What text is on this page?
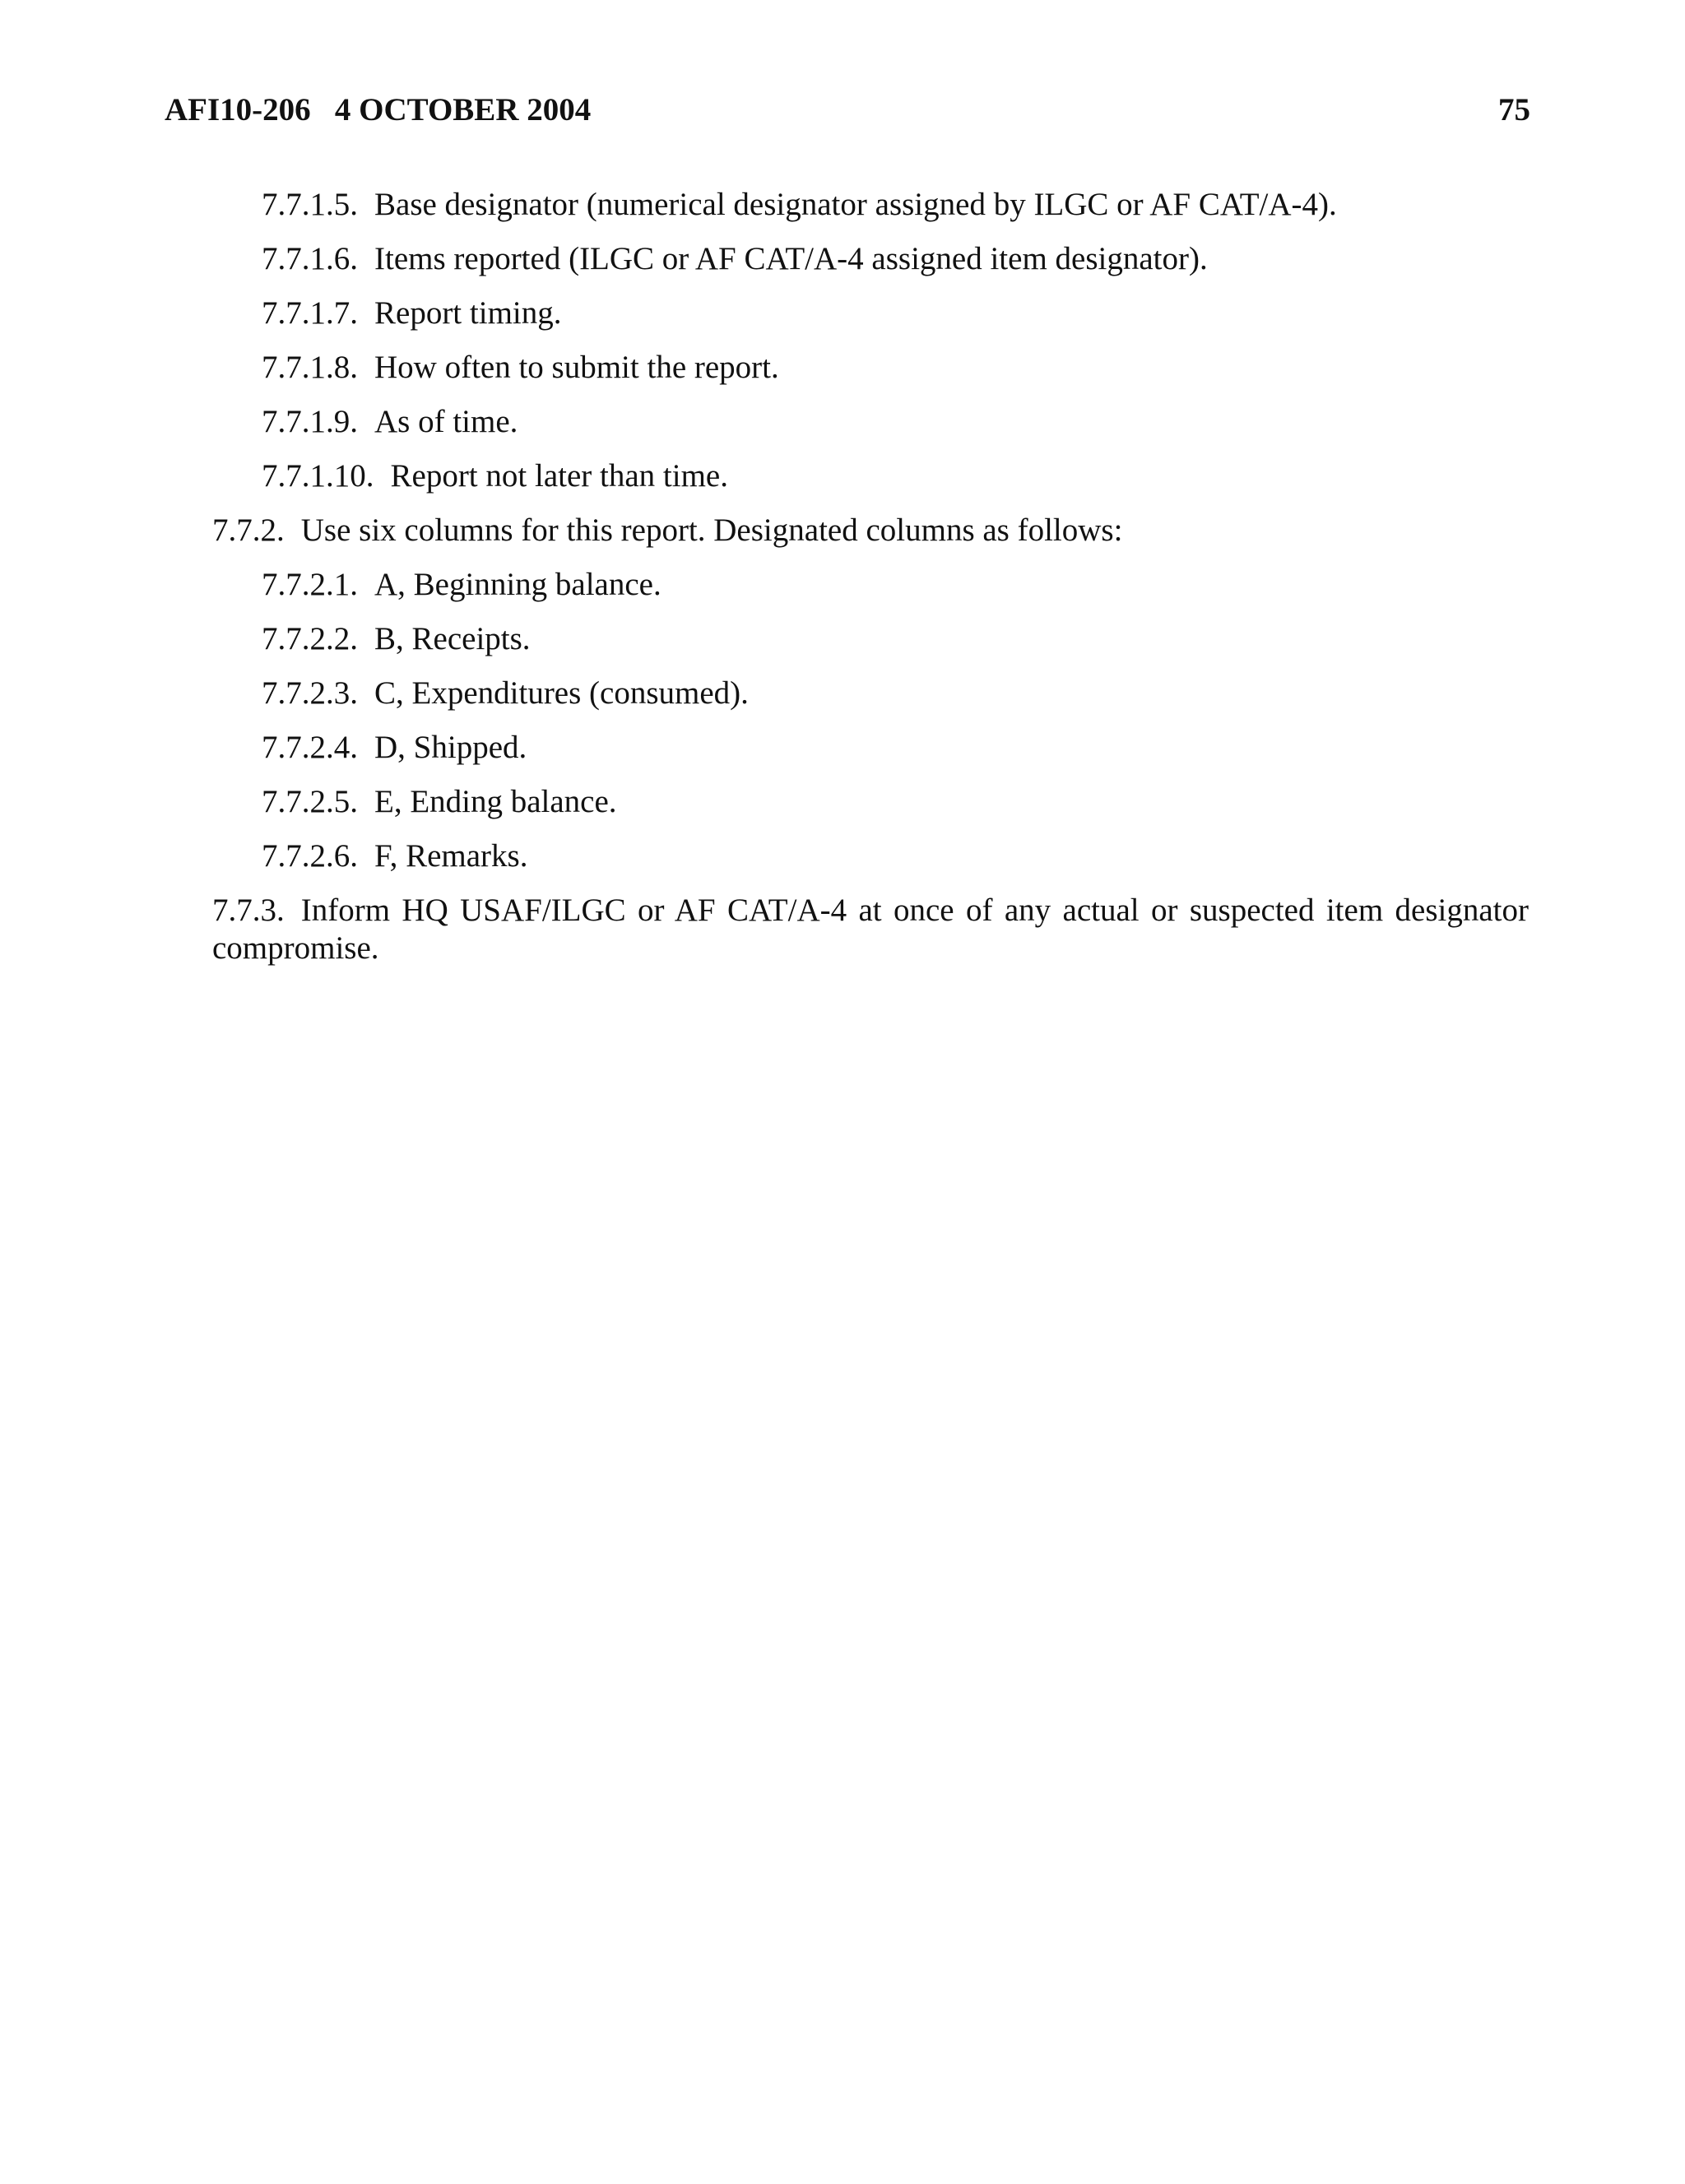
AFI10-206   4 OCTOBER 2004	75

7.7.1.5. Base designator (numerical designator assigned by ILGC or AF CAT/A-4).

7.7.1.6. Items reported (ILGC or AF CAT/A-4 assigned item designator).

7.7.1.7. Report timing.

7.7.1.8. How often to submit the report.

7.7.1.9. As of time.

7.7.1.10. Report not later than time.

7.7.2. Use six columns for this report. Designated columns as follows:

7.7.2.1. A, Beginning balance.

7.7.2.2. B, Receipts.

7.7.2.3. C, Expenditures (consumed).

7.7.2.4. D, Shipped.

7.7.2.5. E, Ending balance.

7.7.2.6. F, Remarks.

7.7.3. Inform HQ USAF/ILGC or AF CAT/A-4 at once of any actual or suspected item designator compromise.
